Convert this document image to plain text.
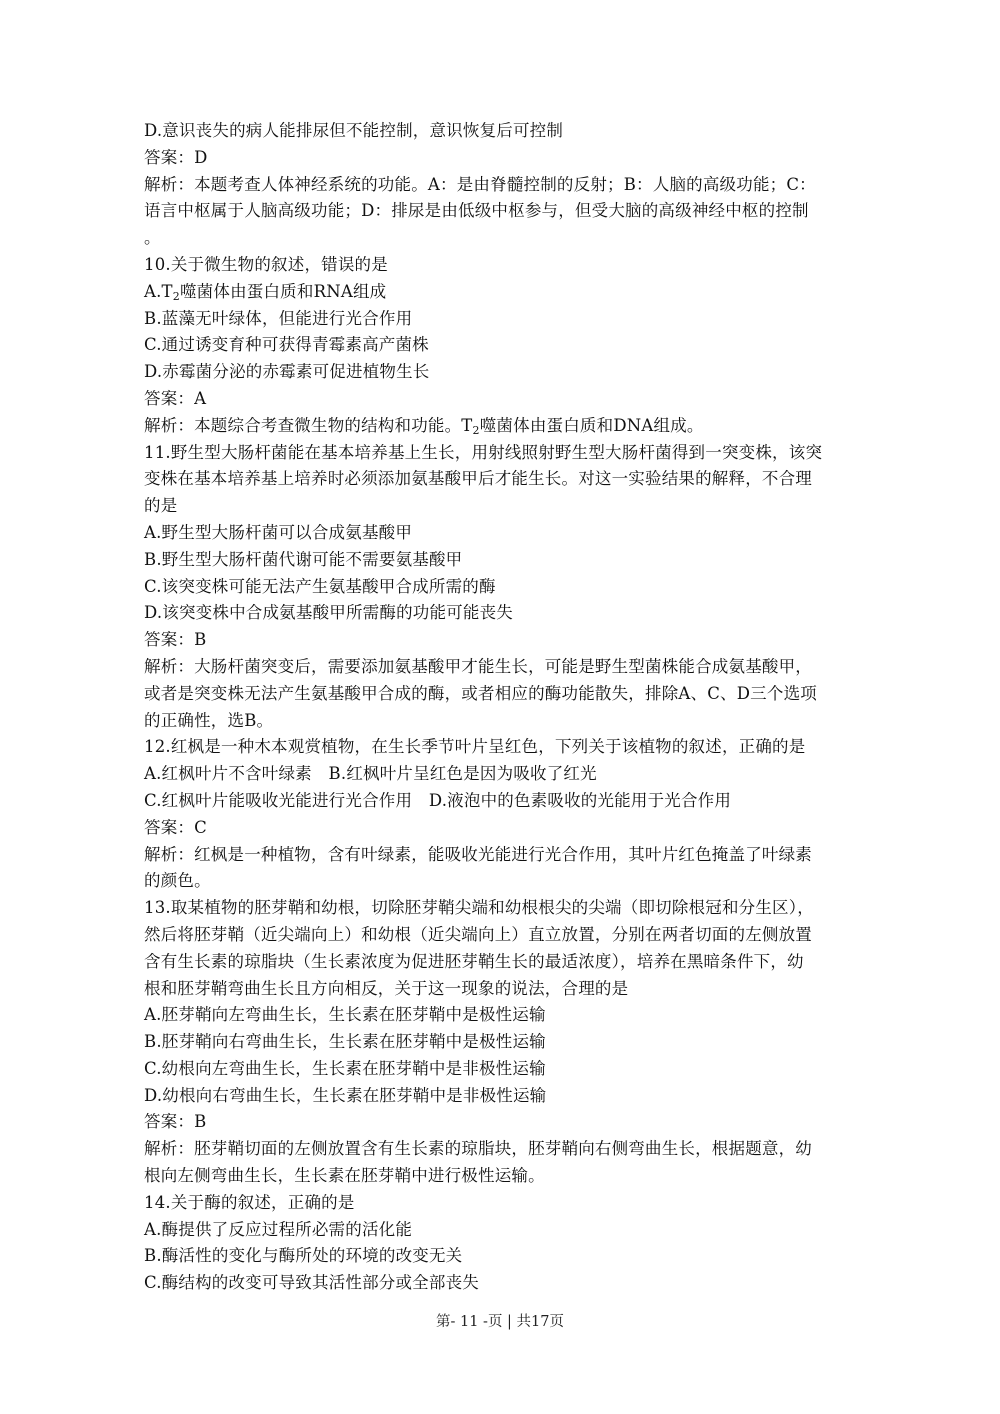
D.意识丧失的病人能排尿但不能控制，意识恢复后可控制
答案：D
解析：本题考查人体神经系统的功能。A：是由脊髓控制的反射；B：人脑的高级功能；C：
语言中枢属于人脑高级功能；D：排尿是由低级中枢参与，但受大脑的高级神经中枢的控制
。
10.关于微生物的叙述，错误的是
$A.T_2$噬菌体由蛋白质和RNA组成
B.蓝藻无叶绿体，但能进行光合作用
C.通过诱变育种可获得青霉素高产菌株
D.赤霉菌分泌的赤霉素可促进植物生长
答案：A
解析：本题综合考查微生物的结构和功能。$T_2$噬菌体由蛋白质和DNA组成。
11.野生型大肠杆菌能在基本培养基上生长，用射线照射野生型大肠杆菌得到一突变株，该突
变株在基本培养基上培养时必须添加氨基酸甲后才能生长。对这一实验结果的解释，不合理
的是
A.野生型大肠杆菌可以合成氨基酸甲
B.野生型大肠杆菌代谢可能不需要氨基酸甲
C.该突变株可能无法产生氨基酸甲合成所需的酶
D.该突变株中合成氨基酸甲所需酶的功能可能丧失
答案：B
解析：大肠杆菌突变后，需要添加氨基酸甲才能生长，可能是野生型菌株能合成氨基酸甲，
或者是突变株无法产生氨基酸甲合成的酶，或者相应的酶功能散失，排除A、C、D三个选项
的正确性，选B。
12.红枫是一种木本观赏植物，在生长季节叶片呈红色，下列关于该植物的叙述，正确的是
A.红枫叶片不含叶绿素　B.红枫叶片呈红色是因为吸收了红光
C.红枫叶片能吸收光能进行光合作用　D.液泡中的色素吸收的光能用于光合作用
答案：C
解析：红枫是一种植物，含有叶绿素，能吸收光能进行光合作用，其叶片红色掩盖了叶绿素
的颜色。
13.取某植物的胚芽鞘和幼根，切除胚芽鞘尖端和幼根根尖的尖端（即切除根冠和分生区），
然后将胚芽鞘（近尖端向上）和幼根（近尖端向上）直立放置，分别在两者切面的左侧放置
含有生长素的琼脂块（生长素浓度为促进胚芽鞘生长的最适浓度），培养在黑暗条件下，幼
根和胚芽鞘弯曲生长且方向相反，关于这一现象的说法，合理的是
A.胚芽鞘向左弯曲生长，生长素在胚芽鞘中是极性运输
B.胚芽鞘向右弯曲生长，生长素在胚芽鞘中是极性运输
C.幼根向左弯曲生长，生长素在胚芽鞘中是非极性运输
D.幼根向右弯曲生长，生长素在胚芽鞘中是非极性运输
答案：B
解析：胚芽鞘切面的左侧放置含有生长素的琼脂块，胚芽鞘向右侧弯曲生长，根据题意，幼
根向左侧弯曲生长，生长素在胚芽鞘中进行极性运输。
14.关于酶的叙述，正确的是
A.酶提供了反应过程所必需的活化能
B.酶活性的变化与酶所处的环境的改变无关
C.酶结构的改变可导致其活性部分或全部丧失
第- 11 -页 | 共17页
